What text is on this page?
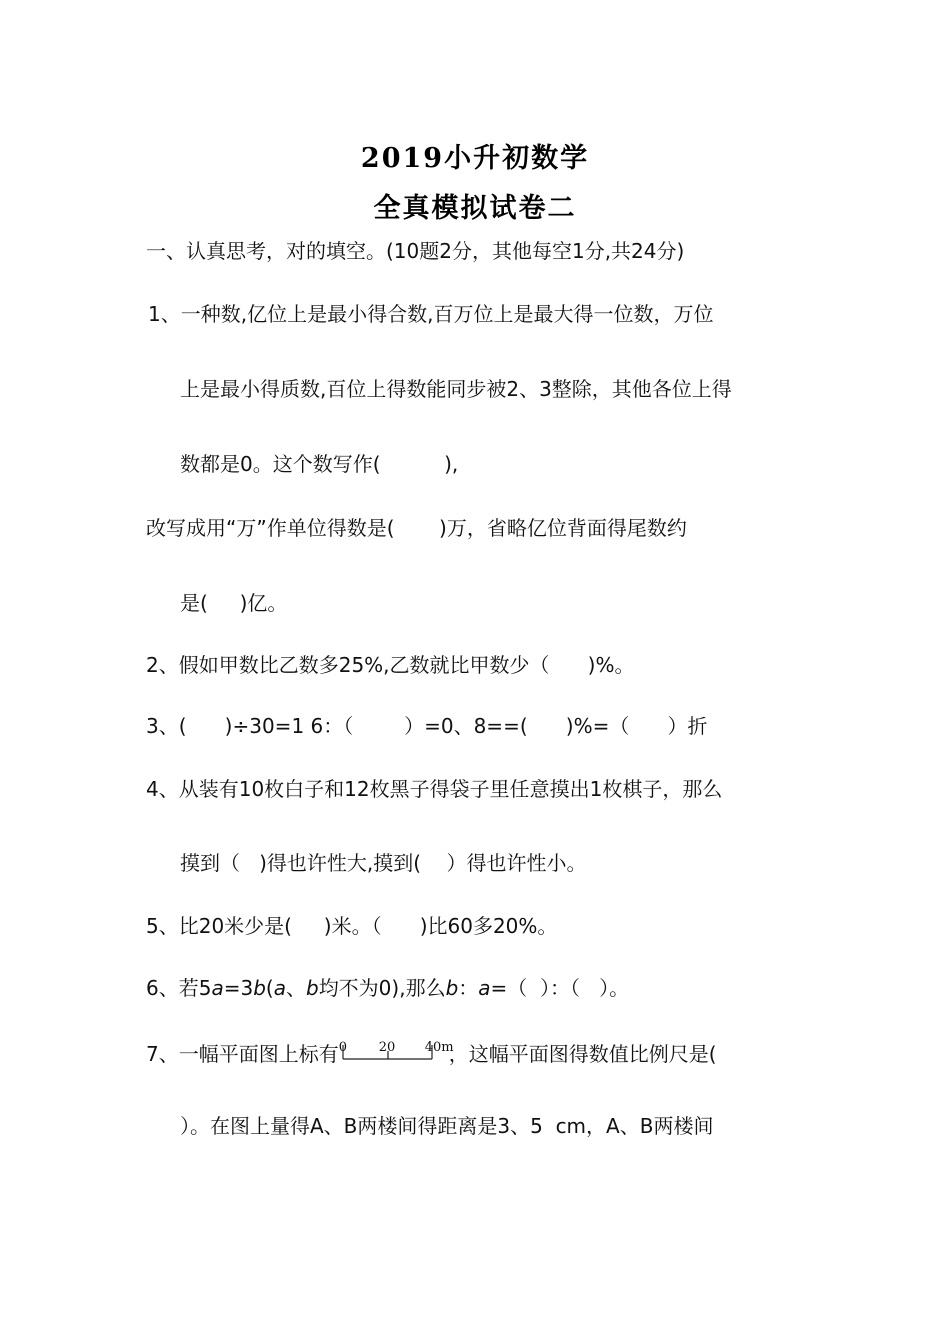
2019小升初数学
全真模拟试卷二
一、认真思考，对的填空。(10题2分，其他每空1分,共24分)
1、一种数,亿位上是最小得合数,百万位上是最大得一位数，万位
上是最小得质数,百位上得数能同步被2、3整除，其他各位上得
数都是0。这个数写作(          ),
改写成用“万”作单位得数是(       )万，省略亿位背面得尾数约
是(     )亿。
2、假如甲数比乙数多25%,乙数就比甲数少（      )%。
3、(      )÷30=1 6：（        ）=0、8==(      )%=（      ）折
4、从装有10枚白子和12枚黑子得袋子里任意摸出1枚棋子，那么
摸到（   )得也许性大,摸到(    ）得也许性小。
5、比20米少是(     )米。（      )比60多20%。
6、若5a=3b(a、b均不为0),那么b：a=（  ）：（   ）。
7、一幅平面图上标有 0 20 40m
，这幅平面图得数值比例尺是(
）。在图上量得A、B两楼间得距离是3、5  cm，A、B两楼间
